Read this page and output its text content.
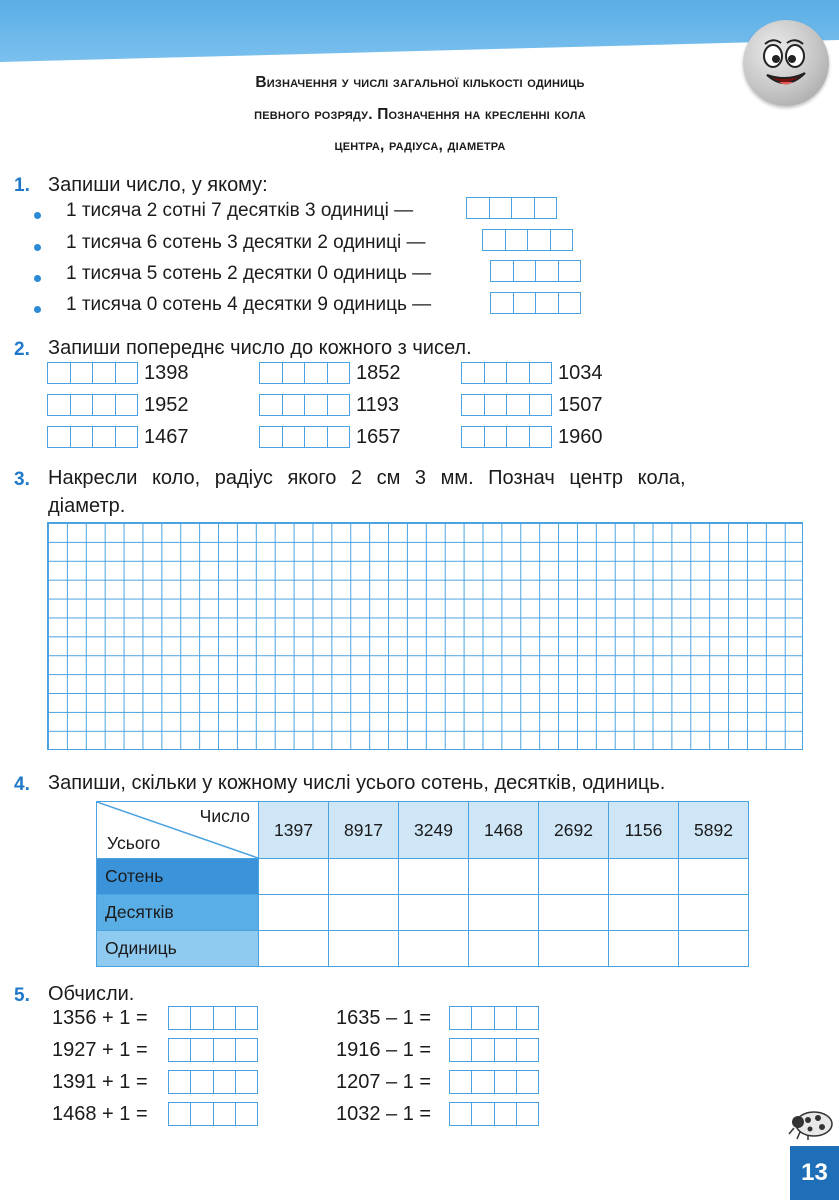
Визначення у числі загальної кількості одиниць
певного розряду. Позначення на кресленні кола
центра, радіуса, діаметра
1. Запиши число, у якому:
1 тисяча 2 сотні 7 десятків 3 одиниці —
1 тисяча 6 сотень 3 десятки 2 одиниці —
1 тисяча 5 сотень 2 десятки 0 одиниць —
1 тисяча 0 сотень 4 десятки 9 одиниць —
2. Запиши попереднє число до кожного з чисел.
1398	1852	1034
1952	1193	1507
1467	1657	1960
3. Накресли коло, радіус якого 2 см 3 мм. Познач центр кола,
діаметр.
4. Запиши, скільки у кожному числі усього сотень, десятків, одиниць.
Число
Усього	1397	8917	3249	1468	2692	1156	5892
Сотень							
Десятків							
Одиниць							
5. Обчисли.
1356 + 1 =
1927 + 1 =
1391 + 1 =
1468 + 1 =
1635 – 1 =
1916 – 1 =
1207 – 1 =
1032 – 1 =
13
